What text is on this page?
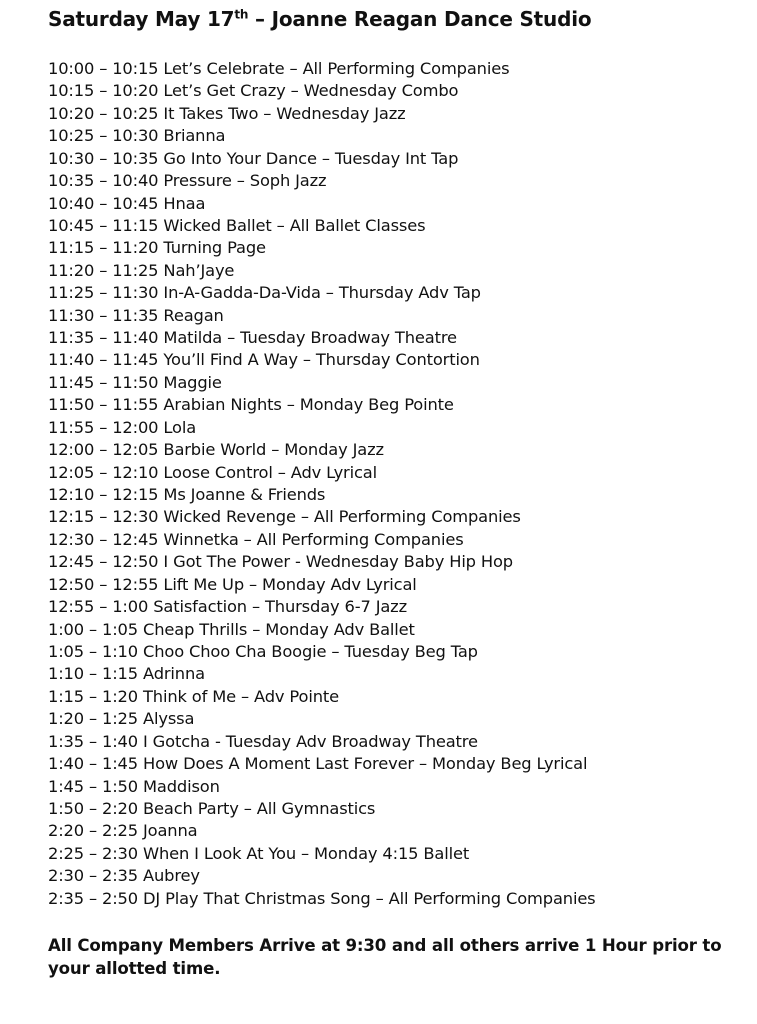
Saturday May 17th – Joanne Reagan Dance Studio
10:00 – 10:15 Let’s Celebrate – All Performing Companies
10:15 – 10:20 Let’s Get Crazy – Wednesday Combo
10:20 – 10:25 It Takes Two – Wednesday Jazz
10:25 – 10:30 Brianna
10:30 – 10:35 Go Into Your Dance – Tuesday Int Tap
10:35 – 10:40 Pressure – Soph Jazz
10:40 – 10:45 Hnaa
10:45 – 11:15 Wicked Ballet – All Ballet Classes
11:15 – 11:20 Turning Page
11:20 – 11:25 Nah’Jaye
11:25 – 11:30 In-A-Gadda-Da-Vida – Thursday Adv Tap
11:30 – 11:35 Reagan
11:35 – 11:40 Matilda – Tuesday Broadway Theatre
11:40 – 11:45 You’ll Find A Way – Thursday Contortion
11:45 – 11:50 Maggie
11:50 – 11:55 Arabian Nights – Monday Beg Pointe
11:55 – 12:00 Lola
12:00 – 12:05 Barbie World – Monday Jazz
12:05 – 12:10 Loose Control – Adv Lyrical
12:10 – 12:15 Ms Joanne & Friends
12:15 – 12:30 Wicked Revenge – All Performing Companies
12:30 – 12:45 Winnetka – All Performing Companies
12:45 – 12:50 I Got The Power - Wednesday Baby Hip Hop
12:50 – 12:55 Lift Me Up – Monday Adv Lyrical
12:55 – 1:00 Satisfaction – Thursday 6-7 Jazz
1:00 – 1:05 Cheap Thrills – Monday Adv Ballet
1:05 – 1:10 Choo Choo Cha Boogie – Tuesday Beg Tap
1:10 – 1:15 Adrinna
1:15 – 1:20 Think of Me – Adv Pointe
1:20 – 1:25 Alyssa
1:35 – 1:40 I Gotcha - Tuesday Adv Broadway Theatre
1:40 – 1:45 How Does A Moment Last Forever – Monday Beg Lyrical
1:45 – 1:50 Maddison
1:50 – 2:20 Beach Party – All Gymnastics
2:20 – 2:25 Joanna
2:25 – 2:30 When I Look At You – Monday 4:15 Ballet
2:30 – 2:35 Aubrey
2:35 – 2:50 DJ Play That Christmas Song – All Performing Companies
All Company Members Arrive at 9:30 and all others arrive 1 Hour prior to your allotted time.
